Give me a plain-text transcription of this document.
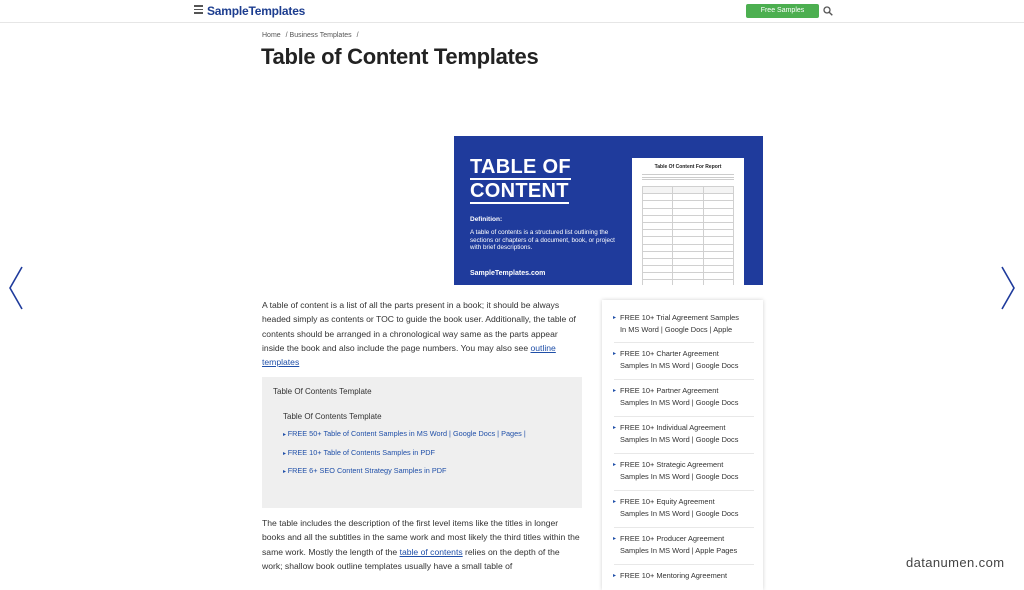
SampleTemplates	Free Samples
Home / Business Templates /
Table of Content Templates
TABLE OF
CONTENT
Definition:
A table of contents is a structured list outlining the sections or chapters of a document, book, or project with brief descriptions.
SampleTemplates.com
Table Of Content For Report

A table of content is a list of all the parts present in a book; it should be always headed simply as contents or TOC to guide the book user. Additionally, the table of contents should be arranged in a chronological way same as the parts appear inside the book and also include the page numbers. You may also see outline templates

Table Of Contents Template
Table Of Contents Template
▸ FREE 50+ Table of Content Samples in MS Word | Google Docs | Pages |
▸ FREE 10+ Table of Contents Samples in PDF
▸ FREE 6+ SEO Content Strategy Samples in PDF

The table includes the description of the first level items like the titles in longer books and all the subtitles in the same work and most likely the third titles within the same work. Mostly the length of the table of contents relies on the depth of the work; shallow book outline templates usually have a small table of

▸ FREE 10+ Trial Agreement Samples
In MS Word | Google Docs | Apple
▸ FREE 10+ Charter Agreement
Samples In MS Word | Google Docs
▸ FREE 10+ Partner Agreement
Samples In MS Word | Google Docs
▸ FREE 10+ Individual Agreement
Samples In MS Word | Google Docs
▸ FREE 10+ Strategic Agreement
Samples In MS Word | Google Docs
▸ FREE 10+ Equity Agreement
Samples In MS Word | Google Docs
▸ FREE 10+ Producer Agreement
Samples In MS Word | Apple Pages
▸ FREE 10+ Mentoring Agreement
datanumen.com
